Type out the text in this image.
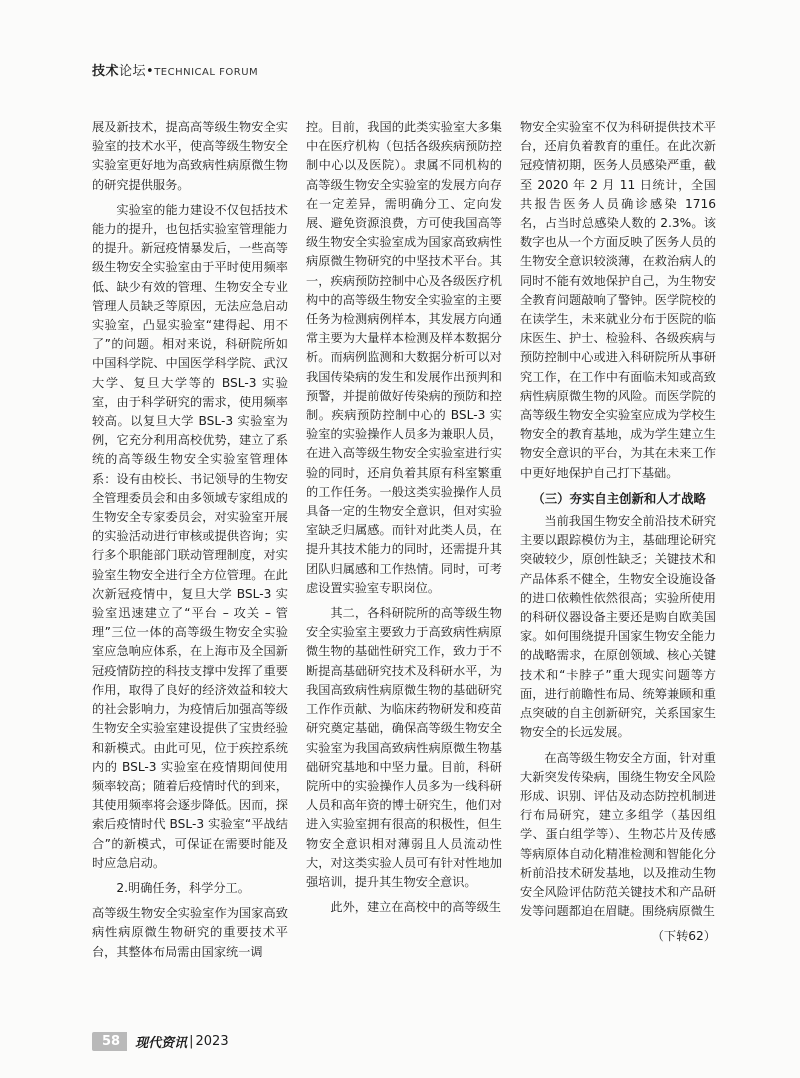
技术论坛•TECHNICAL FORUM

展及新技术，提高高等级生物安全实验室的技术水平，使高等级生物安全实验室更好地为高致病性病原微生物的研究提供服务。

实验室的能力建设不仅包括技术能力的提升，也包括实验室管理能力的提升。新冠疫情暴发后，一些高等级生物安全实验室由于平时使用频率低、缺少有效的管理、生物安全专业管理人员缺乏等原因，无法应急启动实验室，凸显实验室“建得起、用不了”的问题。相对来说，科研院所如中国科学院、中国医学科学院、武汉大学、复旦大学等的 BSL-3 实验室，由于科学研究的需求，使用频率较高。以复旦大学 BSL-3 实验室为例，它充分利用高校优势，建立了系统的高等级生物安全实验室管理体系：设有由校长、书记领导的生物安全管理委员会和由多领域专家组成的生物安全专家委员会，对实验室开展的实验活动进行审核或提供咨询；实行多个职能部门联动管理制度，对实验室生物安全进行全方位管理。在此次新冠疫情中，复旦大学 BSL-3 实验室迅速建立了“平台 – 攻关 – 管理”三位一体的高等级生物安全实验室应急响应体系，在上海市及全国新冠疫情防控的科技支撑中发挥了重要作用，取得了良好的经济效益和较大的社会影响力，为疫情后加强高等级生物安全实验室建设提供了宝贵经验和新模式。由此可见，位于疾控系统内的 BSL-3 实验室在疫情期间使用频率较高；随着后疫情时代的到来，其使用频率将会逐步降低。因而，探索后疫情时代 BSL-3 实验室“平战结合”的新模式，可保证在需要时能及时应急启动。

2.明确任务，科学分工。

高等级生物安全实验室作为国家高致病性病原微生物研究的重要技术平台，其整体布局需由国家统一调

控。目前，我国的此类实验室大多集中在医疗机构（包括各级疾病预防控制中心以及医院）。隶属不同机构的高等级生物安全实验室的发展方向存在一定差异，需明确分工、定向发展、避免资源浪费，方可使我国高等级生物安全实验室成为国家高致病性病原微生物研究的中坚技术平台。其一，疾病预防控制中心及各级医疗机构中的高等级生物安全实验室的主要任务为检测病例样本，其发展方向通常主要为大量样本检测及样本数据分析。而病例监测和大数据分析可以对我国传染病的发生和发展作出预判和预警，并提前做好传染病的预防和控制。疾病预防控制中心的 BSL-3 实验室的实验操作人员多为兼职人员，在进入高等级生物安全实验室进行实验的同时，还肩负着其原有科室繁重的工作任务。一般这类实验操作人员具备一定的生物安全意识，但对实验室缺乏归属感。而针对此类人员，在提升其技术能力的同时，还需提升其团队归属感和工作热情。同时，可考虑设置实验室专职岗位。

其二，各科研院所的高等级生物安全实验室主要致力于高致病性病原微生物的基础性研究工作，致力于不断提高基础研究技术及科研水平，为我国高致病性病原微生物的基础研究工作作贡献、为临床药物研发和疫苗研究奠定基础，确保高等级生物安全实验室为我国高致病性病原微生物基础研究基地和中坚力量。目前，科研院所中的实验操作人员多为一线科研人员和高年资的博士研究生，他们对进入实验室拥有很高的积极性，但生物安全意识相对薄弱且人员流动性大，对这类实验人员可有针对性地加强培训，提升其生物安全意识。

此外，建立在高校中的高等级生

物安全实验室不仅为科研提供技术平台，还肩负着教育的重任。在此次新冠疫情初期，医务人员感染严重，截至 2020 年 2 月 11 日统计，全国共报告医务人员确诊感染 1716 名，占当时总感染人数的 2.3%。该数字也从一个方面反映了医务人员的生物安全意识较淡薄，在救治病人的同时不能有效地保护自己，为生物安全教育问题敲响了警钟。医学院校的在读学生，未来就业分布于医院的临床医生、护士、检验科、各级疾病与预防控制中心或进入科研院所从事研究工作，在工作中有面临未知或高致病性病原微生物的风险。而医学院的高等级生物安全实验室应成为学校生物安全的教育基地，成为学生建立生物安全意识的平台，为其在未来工作中更好地保护自己打下基础。

（三）夯实自主创新和人才战略

当前我国生物安全前沿技术研究主要以跟踪模仿为主，基础理论研究突破较少，原创性缺乏；关键技术和产品体系不健全，生物安全设施设备的进口依赖性依然很高；实验所使用的科研仪器设备主要还是购自欧美国家。如何围绕提升国家生物安全能力的战略需求，在原创领域、核心关键技术和“卡脖子”重大现实问题等方面，进行前瞻性布局、统筹兼顾和重点突破的自主创新研究，关系国家生物安全的长远发展。

在高等级生物安全方面，针对重大新突发传染病，围绕生物安全风险形成、识别、评估及动态防控机制进行布局研究，建立多组学（基因组学、蛋白组学等）、生物芯片及传感等病原体自动化精准检测和智能化分析前沿技术研发基地，以及推动生物安全风险评估防范关键技术和产品研发等问题都迫在眉睫。围绕病原微生

（下转62）
58	现代资讯 | 2023
